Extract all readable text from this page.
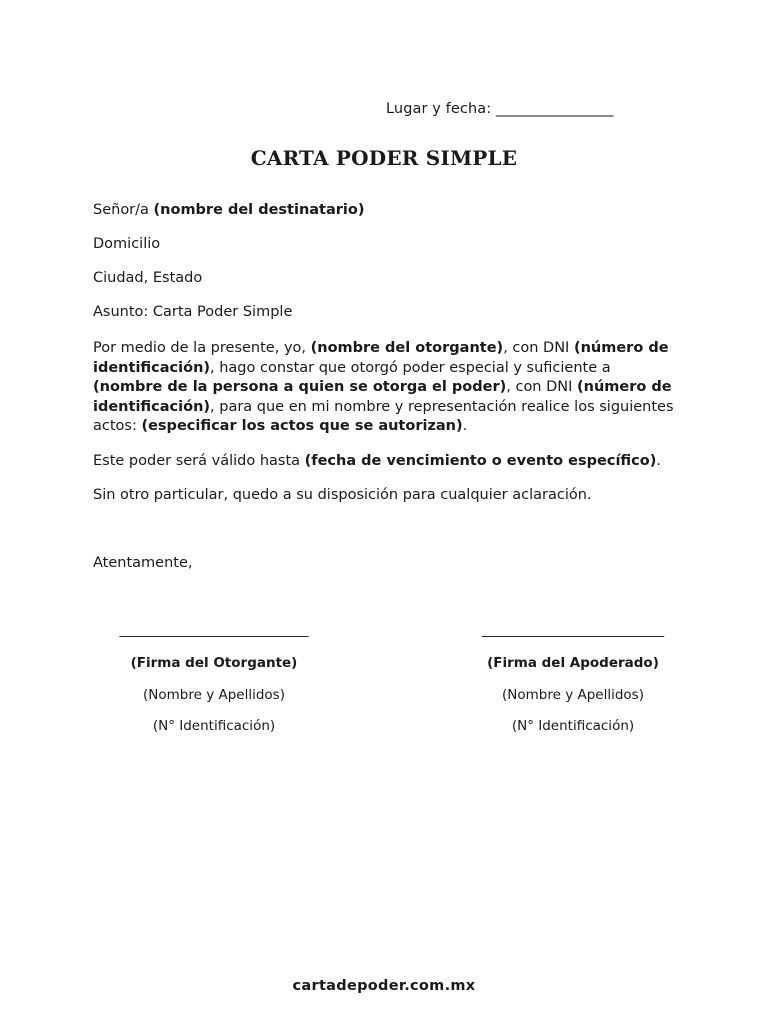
Lugar y fecha: ________________
CARTA PODER SIMPLE
Señor/a (nombre del destinatario)
Domicilio
Ciudad, Estado
Asunto: Carta Poder Simple
Por medio de la presente, yo, (nombre del otorgante), con DNI (número de identificación), hago constar que otorgó poder especial y suficiente a (nombre de la persona a quien se otorga el poder), con DNI (número de identificación), para que en mi nombre y representación realice los siguientes actos: (especificar los actos que se autorizan).
Este poder será válido hasta (fecha de vencimiento o evento específico).
Sin otro particular, quedo a su disposición para cualquier aclaración.
Atentamente,
____________________________
(Firma del Otorgante)
(Nombre y Apellidos)
(N° Identificación)
___________________________
(Firma del Apoderado)
(Nombre y Apellidos)
(N° Identificación)
cartadepoder.com.mx
